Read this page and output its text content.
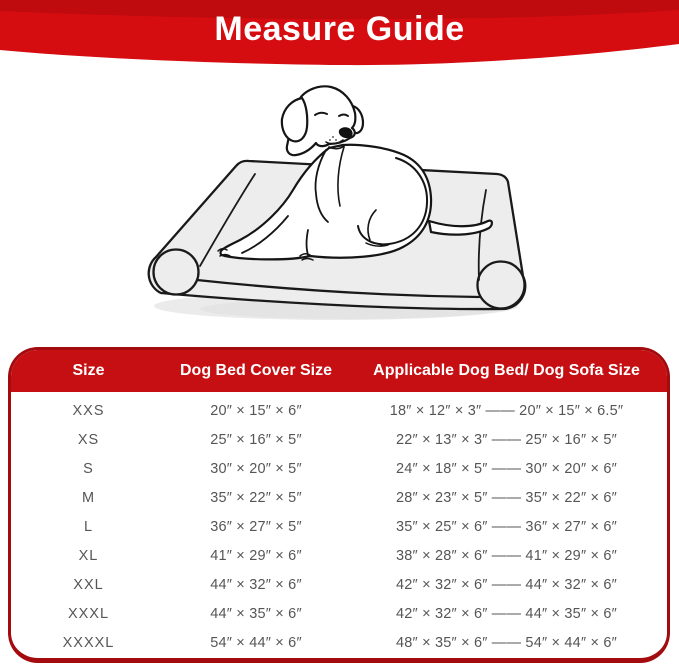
Measure Guide
Size	Dog Bed Cover Size	Applicable Dog Bed/ Dog Sofa Size
XXS	20″ × 15″ × 6″	18″ × 12″ × 3″ —— 20″ × 15″ × 6.5″
XS	25″ × 16″ × 5″	22″ × 13″ × 3″ —— 25″ × 16″ × 5″
S	30″ × 20″ × 5″	24″ × 18″ × 5″ —— 30″ × 20″ × 6″
M	35″ × 22″ × 5″	28″ × 23″ × 5″ —— 35″ × 22″ × 6″
L	36″ × 27″ × 5″	35″ × 25″ × 6″ —— 36″ × 27″ × 6″
XL	41″ × 29″ × 6″	38″ × 28″ × 6″ —— 41″ × 29″ × 6″
XXL	44″ × 32″ × 6″	42″ × 32″ × 6″ —— 44″ × 32″ × 6″
XXXL	44″ × 35″ × 6″	42″ × 32″ × 6″ —— 44″ × 35″ × 6″
XXXXL	54″ × 44″ × 6″	48″ × 35″ × 6″ —— 54″ × 44″ × 6″
